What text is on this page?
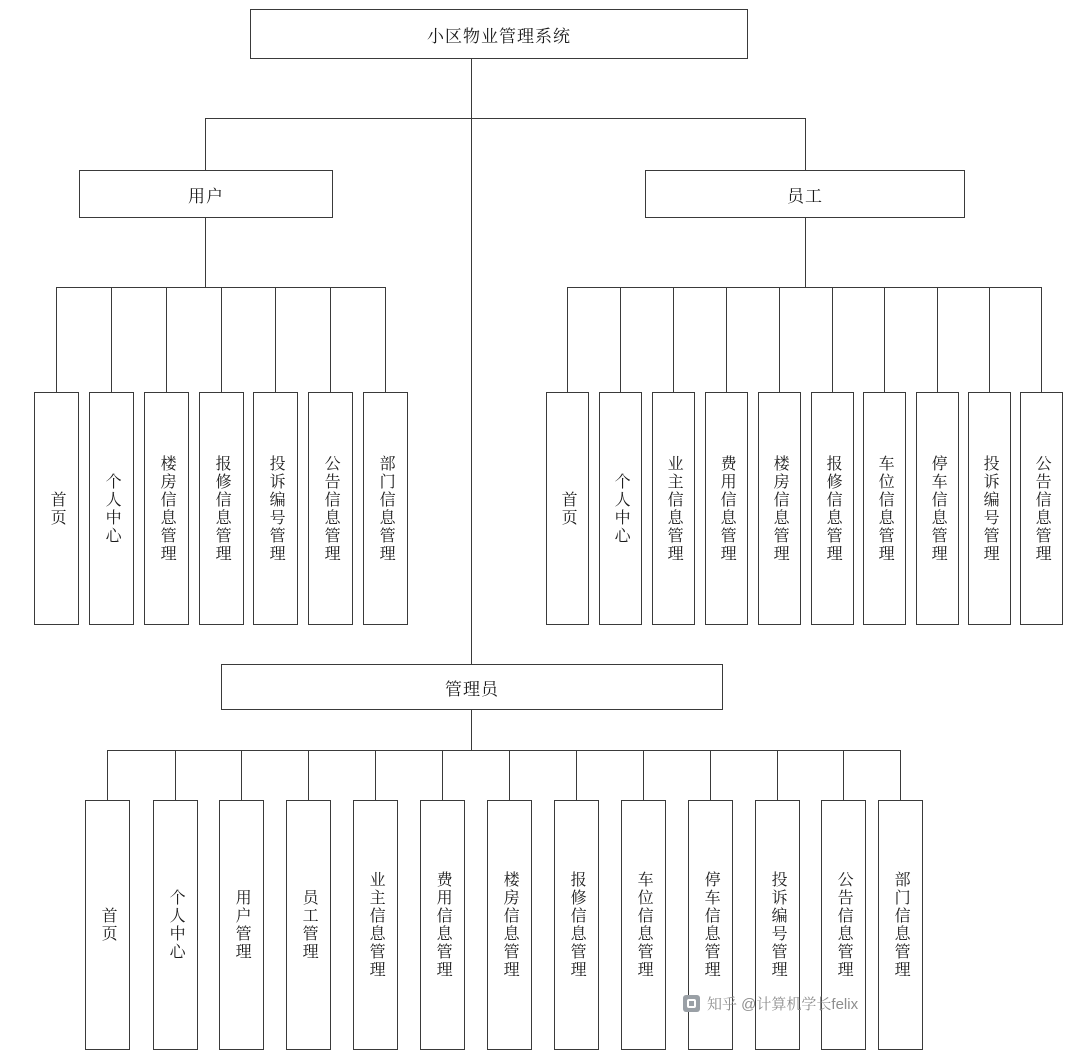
小区物业管理系统
用户
首页 个人中心 楼房信息管理 报修信息管理 投诉编号管理 公告信息管理 部门信息管理
员工
首页 个人中心 业主信息管理 费用信息管理 楼房信息管理 报修信息管理 车位信息管理 停车信息管理 投诉编号管理 公告信息管理
管理员
首页	个人中心	用户管理	员工管理	业主信息管理	费用信息管理	楼房信息管理	报修信息管理	车位信息管理	停车信息管理	投诉编号管理	公告信息管理	部门信息管理
知乎 @计算机学长felix
